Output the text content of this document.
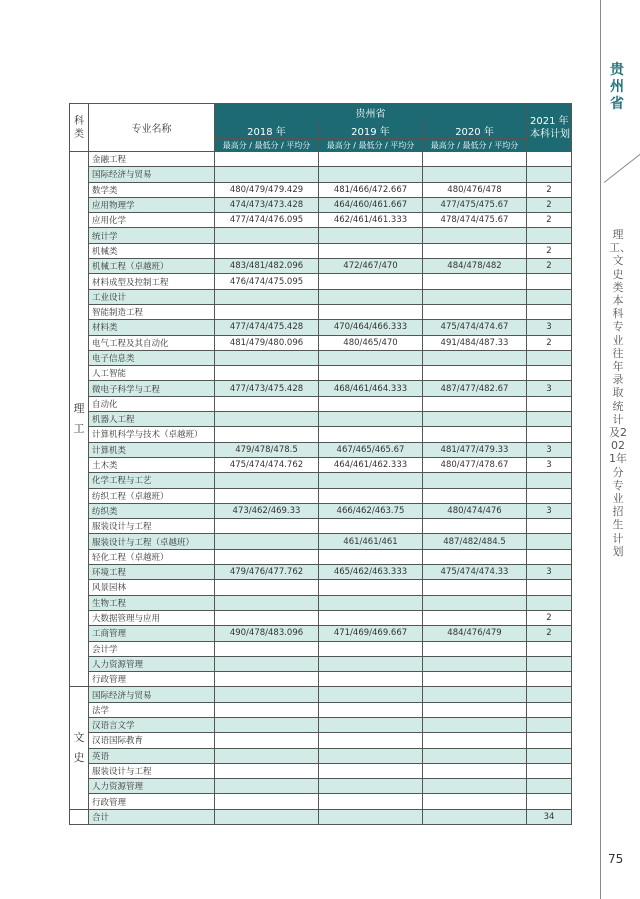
贵州省
理工、文史类本科专业往年录取统计及2021年分专业招生计划
75
科类	专业名称	贵州省			2021 年
本科计划

		2018 年	2019 年	2020 年	
		最高分 / 最低分 / 平均分	最高分 / 最低分 / 平均分	最高分 / 最低分 / 平均分	

理
工	金融工程				
	国际经济与贸易				
	数学类	480/479/479.429	481/466/472.667	480/476/478	2
	应用物理学	474/473/473.428	464/460/461.667	477/475/475.67	2
	应用化学	477/474/476.095	462/461/461.333	478/474/475.67	2
	统计学				
	机械类				2
	机械工程（卓越班）	483/481/482.096	472/467/470	484/478/482	2
	材料成型及控制工程	476/474/475.095			
	工业设计				
	智能制造工程				
	材料类	477/474/475.428	470/464/466.333	475/474/474.67	3
	电气工程及其自动化	481/479/480.096	480/465/470	491/484/487.33	2
	电子信息类				
	人工智能				
	微电子科学与工程	477/473/475.428	468/461/464.333	487/477/482.67	3
	自动化				
	机器人工程				
	计算机科学与技术（卓越班）				
	计算机类	479/478/478.5	467/465/465.67	481/477/479.33	3
	土木类	475/474/474.762	464/461/462.333	480/477/478.67	3
	化学工程与工艺				
	纺织工程（卓越班）				
	纺织类	473/462/469.33	466/462/463.75	480/474/476	3
	服装设计与工程				
	服装设计与工程（卓越班）		461/461/461	487/482/484.5	
	轻化工程（卓越班）				
	环境工程	479/476/477.762	465/462/463.333	475/474/474.33	3
	风景园林				
	生物工程				
	大数据管理与应用				2
	工商管理	490/478/483.096	471/469/469.667	484/476/479	2
	会计学				
	人力资源管理				
	行政管理				

文
史	国际经济与贸易				
	法学				
	汉语言文学				
	汉语国际教育				
	英语				
	服装设计与工程				
	人力资源管理				
	行政管理				
	合计				34
